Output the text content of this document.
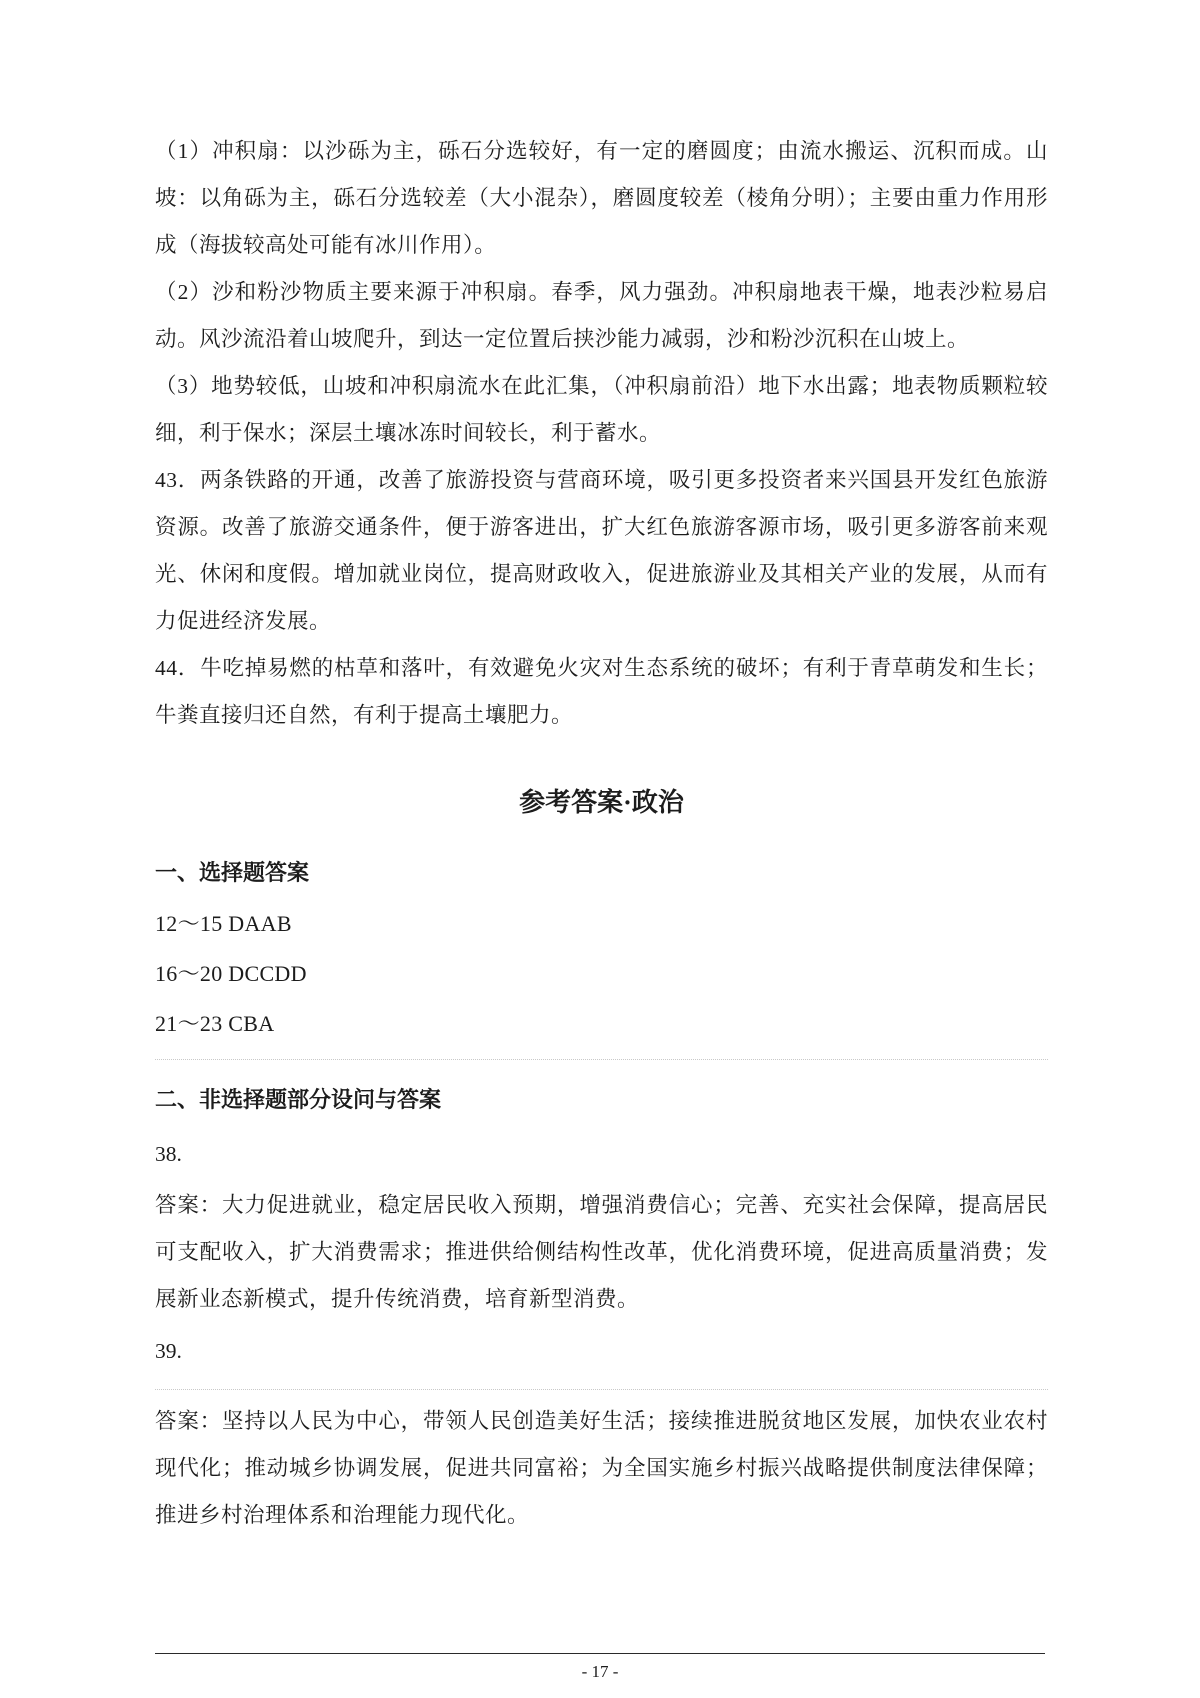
（1）冲积扇：以沙砾为主，砾石分选较好，有一定的磨圆度；由流水搬运、沉积而成。山坡：以角砾为主，砾石分选较差（大小混杂），磨圆度较差（棱角分明）；主要由重力作用形成（海拔较高处可能有冰川作用）。

（2）沙和粉沙物质主要来源于冲积扇。春季，风力强劲。冲积扇地表干燥，地表沙粒易启动。风沙流沿着山坡爬升，到达一定位置后挟沙能力减弱，沙和粉沙沉积在山坡上。

（3）地势较低，山坡和冲积扇流水在此汇集，（冲积扇前沿）地下水出露；地表物质颗粒较细，利于保水；深层土壤冰冻时间较长，利于蓄水。

43．两条铁路的开通，改善了旅游投资与营商环境，吸引更多投资者来兴国县开发红色旅游资源。改善了旅游交通条件，便于游客进出，扩大红色旅游客源市场，吸引更多游客前来观光、休闲和度假。增加就业岗位，提高财政收入，促进旅游业及其相关产业的发展，从而有力促进经济发展。

44．牛吃掉易燃的枯草和落叶，有效避免火灾对生态系统的破坏；有利于青草萌发和生长；牛粪直接归还自然，有利于提高土壤肥力。

参考答案·政治
一、选择题答案

12～15 DAAB

16～20 DCCDD

21～23 CBA

二、非选择题部分设问与答案

38.

答案：大力促进就业，稳定居民收入预期，增强消费信心；完善、充实社会保障，提高居民可支配收入，扩大消费需求；推进供给侧结构性改革，优化消费环境，促进高质量消费；发展新业态新模式，提升传统消费，培育新型消费。

39.

答案：坚持以人民为中心，带领人民创造美好生活；接续推进脱贫地区发展，加快农业农村现代化；推动城乡协调发展，促进共同富裕；为全国实施乡村振兴战略提供制度法律保障；推进乡村治理体系和治理能力现代化。

- 17 -
